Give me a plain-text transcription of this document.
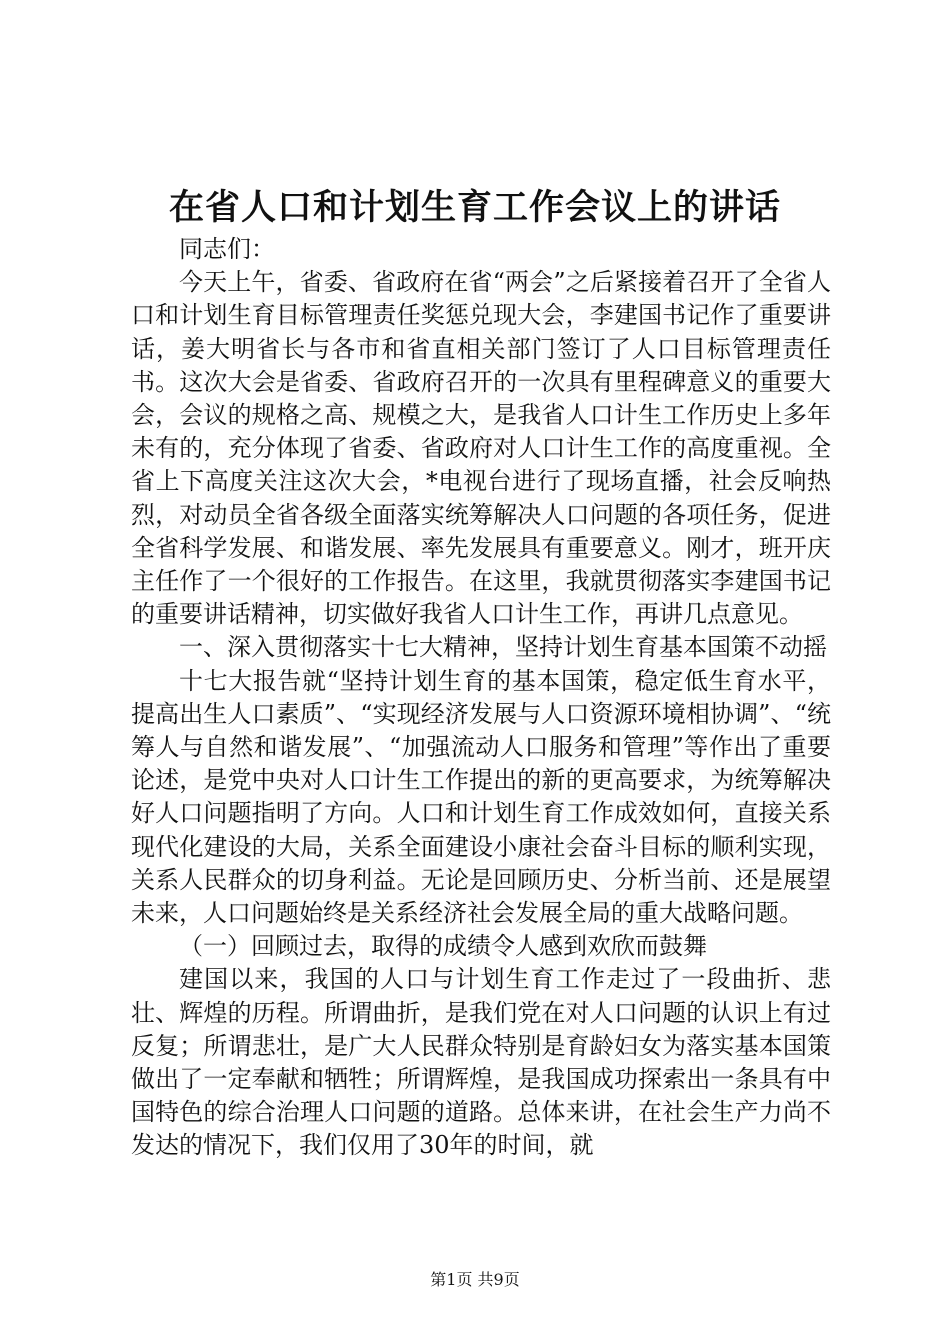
在省人口和计划生育工作会议上的讲话

同志们：

今天上午，省委、省政府在省“两会”之后紧接着召开了全省人口和计划生育目标管理责任奖惩兑现大会，李建国书记作了重要讲话，姜大明省长与各市和省直相关部门签订了人口目标管理责任书。这次大会是省委、省政府召开的一次具有里程碑意义的重要大会，会议的规格之高、规模之大，是我省人口计生工作历史上多年未有的，充分体现了省委、省政府对人口计生工作的高度重视。全省上下高度关注这次大会，*电视台进行了现场直播，社会反响热烈，对动员全省各级全面落实统筹解决人口问题的各项任务，促进全省科学发展、和谐发展、率先发展具有重要意义。刚才，班开庆主任作了一个很好的工作报告。在这里，我就贯彻落实李建国书记的重要讲话精神，切实做好我省人口计生工作，再讲几点意见。

一、深入贯彻落实十七大精神，坚持计划生育基本国策不动摇

十七大报告就“坚持计划生育的基本国策，稳定低生育水平，提高出生人口素质”、“实现经济发展与人口资源环境相协调”、“统筹人与自然和谐发展”、“加强流动人口服务和管理”等作出了重要论述，是党中央对人口计生工作提出的新的更高要求，为统筹解决好人口问题指明了方向。人口和计划生育工作成效如何，直接关系现代化建设的大局，关系全面建设小康社会奋斗目标的顺利实现，关系人民群众的切身利益。无论是回顾历史、分析当前、还是展望未来，人口问题始终是关系经济社会发展全局的重大战略问题。

（一）回顾过去，取得的成绩令人感到欢欣而鼓舞

建国以来，我国的人口与计划生育工作走过了一段曲折、悲壮、辉煌的历程。所谓曲折，是我们党在对人口问题的认识上有过反复；所谓悲壮，是广大人民群众特别是育龄妇女为落实基本国策做出了一定奉献和牺牲；所谓辉煌，是我国成功探索出一条具有中国特色的综合治理人口问题的道路。总体来讲，在社会生产力尚不发达的情况下，我们仅用了30年的时间，就

第1页 共9页
